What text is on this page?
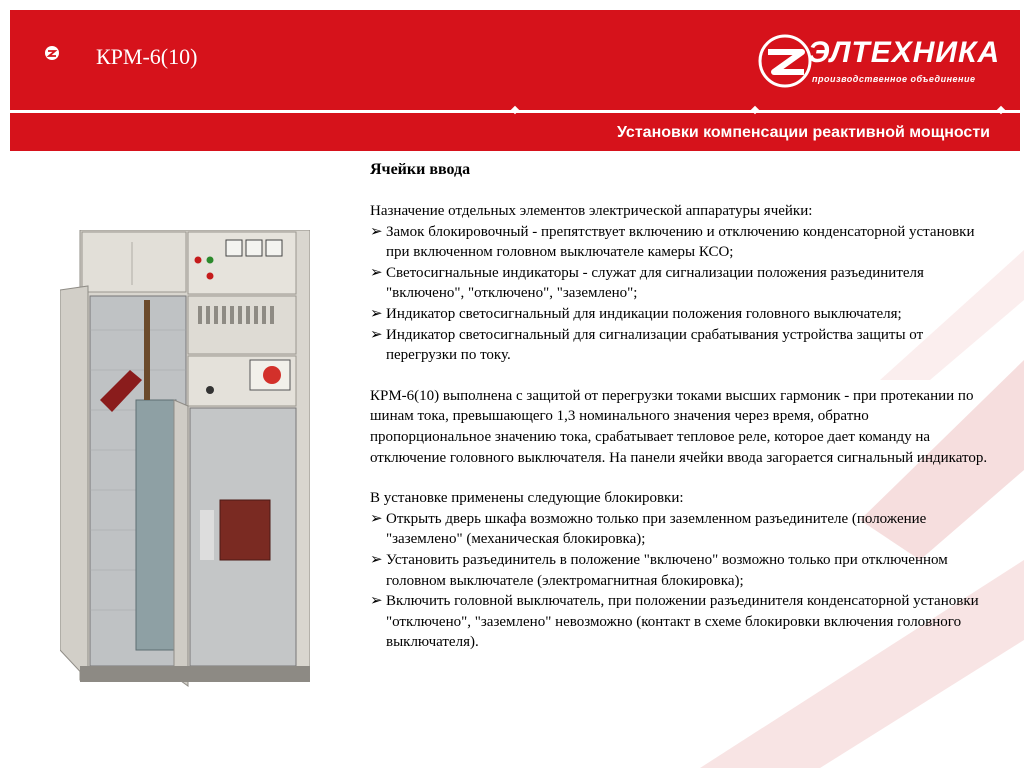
КРМ-6(10)	ЭЛТЕХНИКА
производственное объединение
Установки компенсации реактивной мощности
Ячейки ввода

Назначение отдельных элементов электрической аппаратуры ячейки:

➢ Замок блокировочный - препятствует включению и отключению конденсаторной установки при включенном головном выключателе камеры КСО;
➢ Светосигнальные индикаторы - служат для сигнализации положения разъединителя "включено", "отключено", "заземлено";
➢ Индикатор светосигнальный для индикации положения головного выключателя;
➢ Индикатор светосигнальный для сигнализации срабатывания устройства защиты от перегрузки по току.

КРМ-6(10) выполнена с защитой от перегрузки токами высших гармоник - при протекании по шинам тока, превышающего 1,3 номинального значения через время, обратно пропорциональное значению тока, срабатывает тепловое реле, которое дает команду на отключение головного выключателя. На панели ячейки ввода загорается сигнальный индикатор.

В установке применены следующие блокировки:

➢ Открыть дверь шкафа возможно только при заземленном разъединителе (положение "заземлено" (механическая блокировка);
➢ Установить разъединитель в положение "включено" возможно только при отключенном головном выключателе (электромагнитная блокировка);
➢ Включить головной выключатель, при положении разъединителя конденсаторной установки "отключено", "заземлено" невозможно (контакт в схеме блокировки включения головного выключателя).
